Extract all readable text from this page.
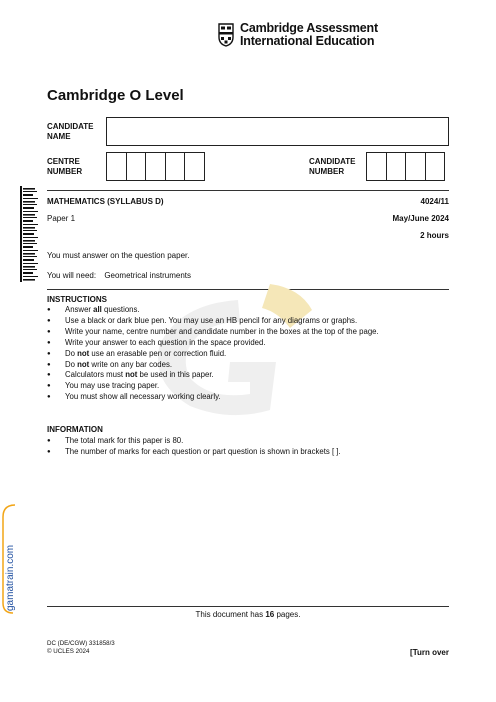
Cambridge Assessment
International Education
Cambridge O Level
CANDIDATE
NAME
CENTRE
NUMBER
CANDIDATE
NUMBER
MATHEMATICS (SYLLABUS D)	4024/11
Paper 1	May/June 2024
2 hours
You must answer on the question paper.
You will need: Geometrical instruments
INSTRUCTIONS
● Answer all questions.
● Use a black or dark blue pen. You may use an HB pencil for any diagrams or graphs.
● Write your name, centre number and candidate number in the boxes at the top of the page.
● Write your answer to each question in the space provided.
● Do not use an erasable pen or correction fluid.
● Do not write on any bar codes.
● Calculators must not be used in this paper.
● You may use tracing paper.
● You must show all necessary working clearly.
INFORMATION
● The total mark for this paper is 80.
● The number of marks for each question or part question is shown in brackets [ ].
gamatrain.com
This document has 16 pages.
DC (DE/CGW) 331858/3
© UCLES 2024	[Turn over
